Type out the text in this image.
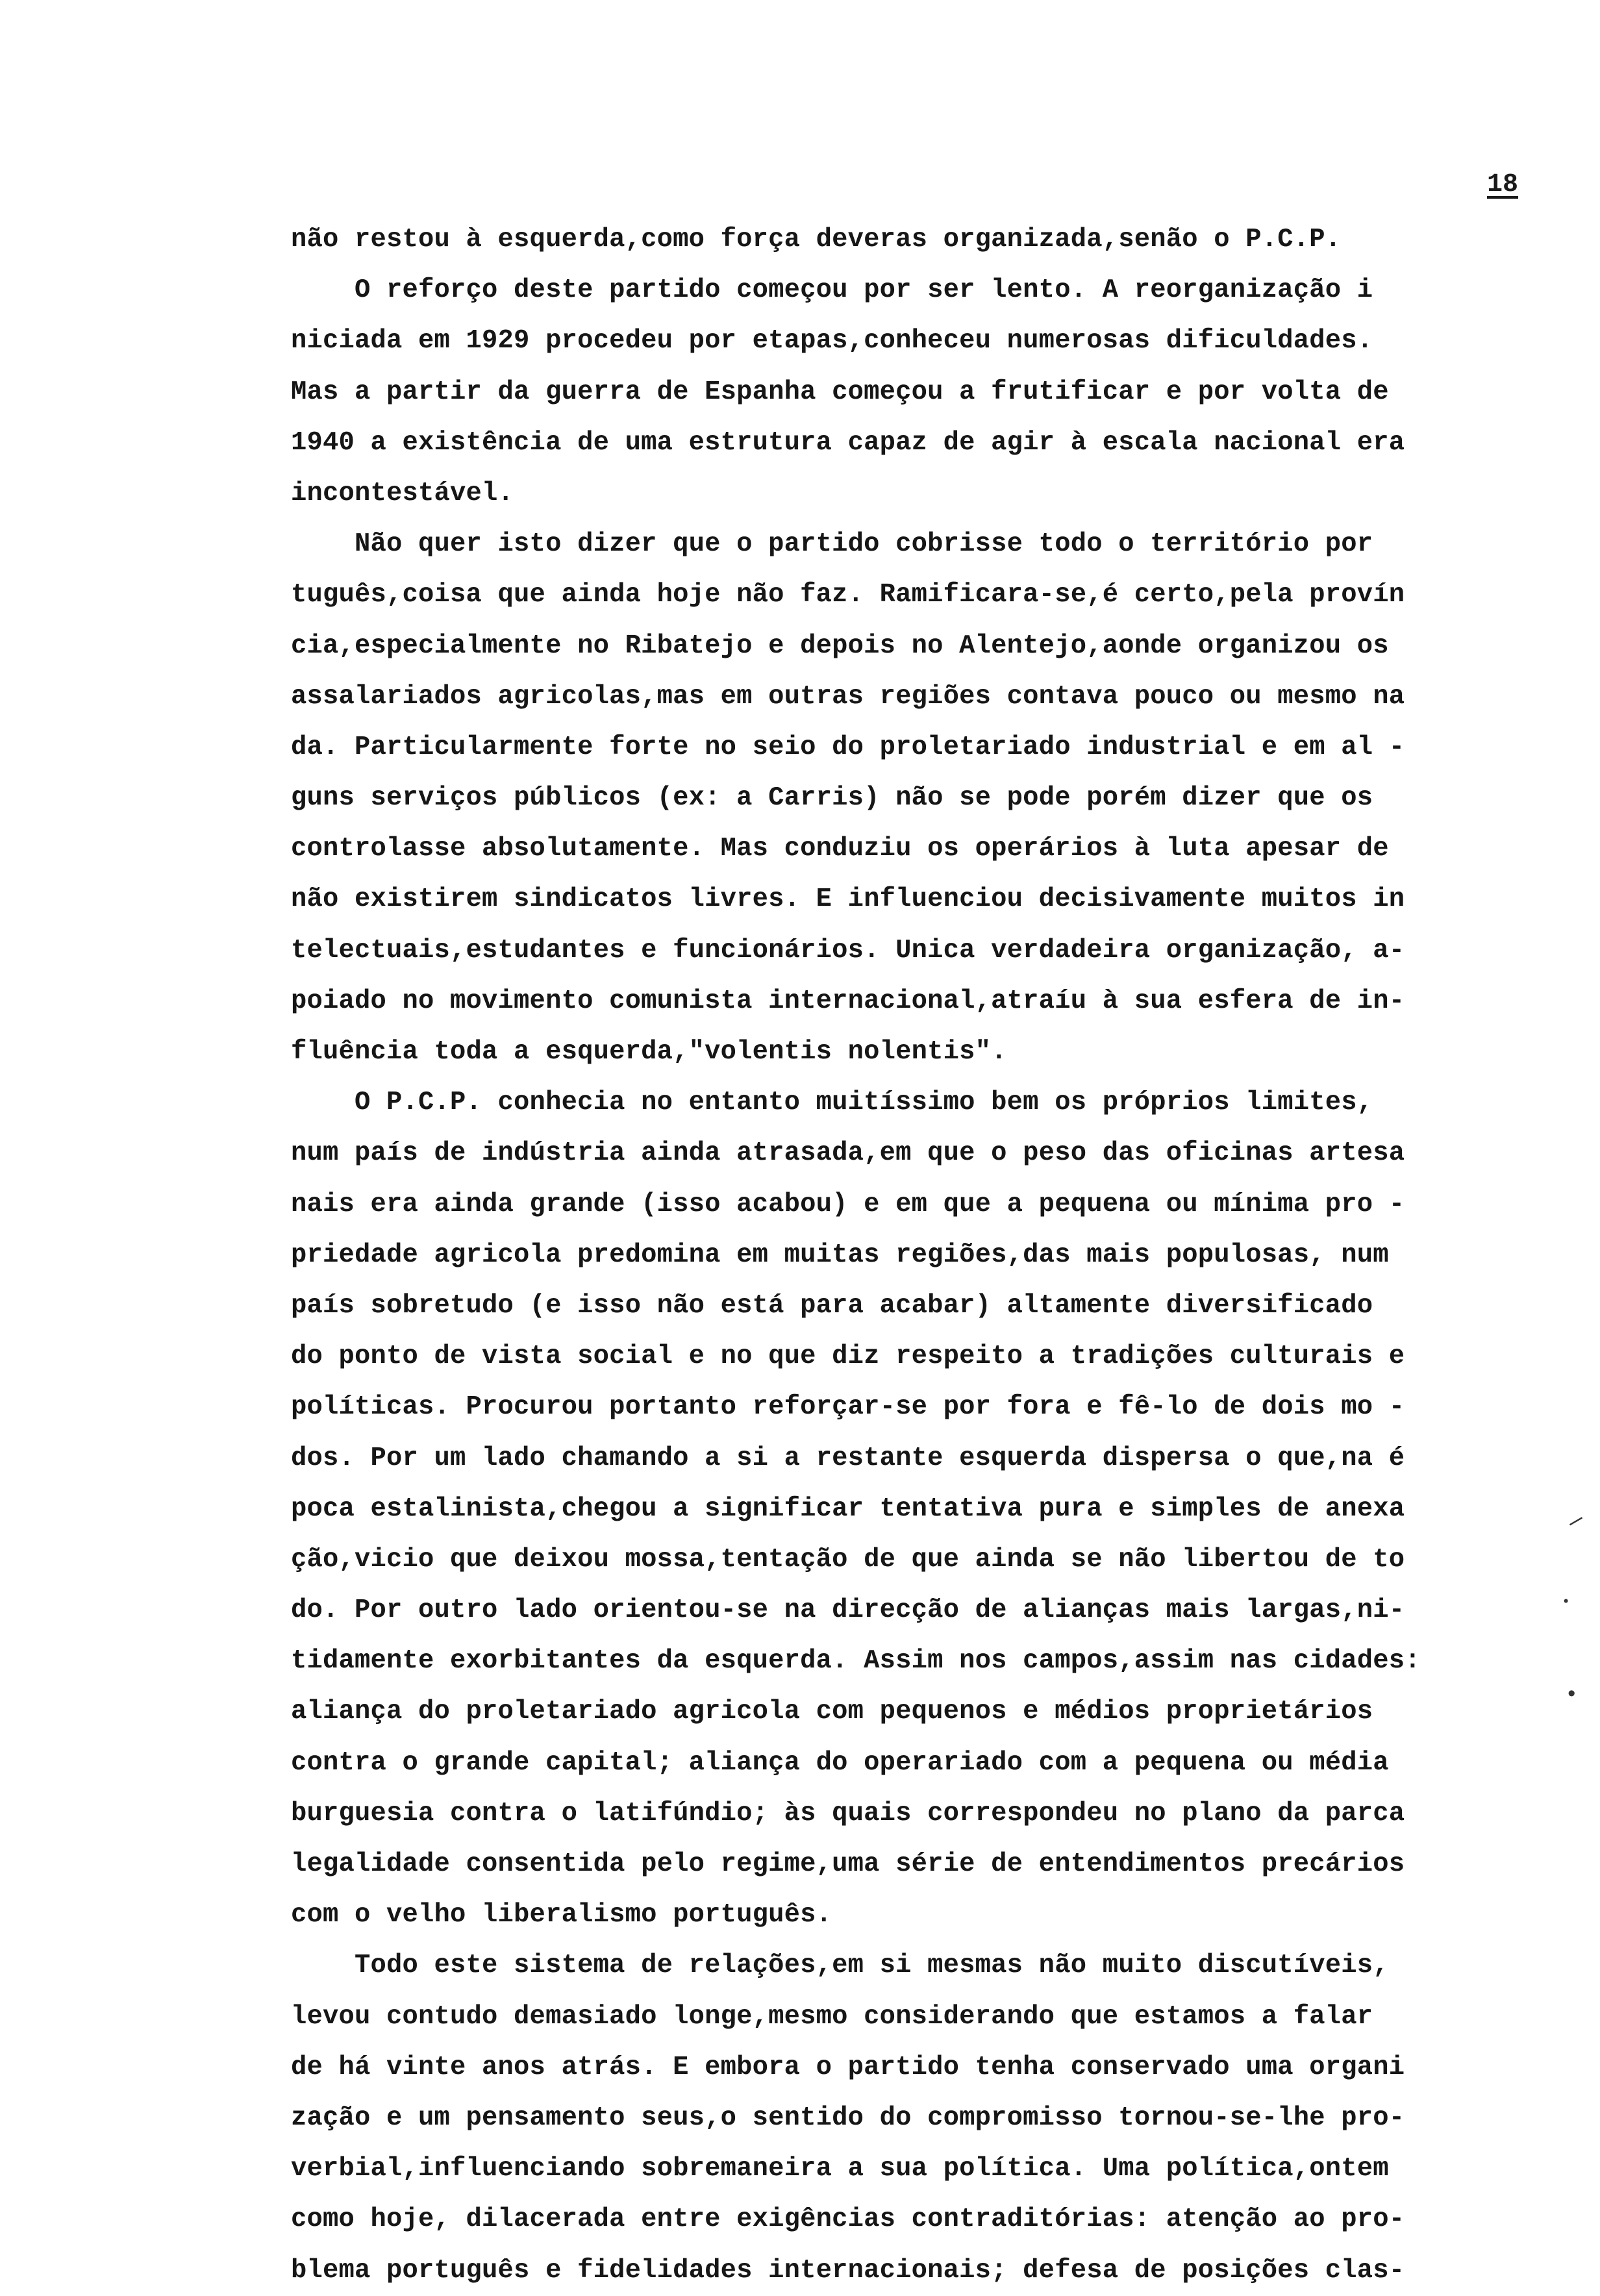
18
não restou à esquerda,como força deveras organizada,senão o P.C.P.
O reforço deste partido começou por ser lento. A reorganização i
niciada em 1929 procedeu por etapas,conheceu numerosas dificuldades.
Mas a partir da guerra de Espanha começou a frutificar e por volta de
1940 a existência de uma estrutura capaz de agir à escala nacional era
incontestável.
Não quer isto dizer que o partido cobrisse todo o território por
tuguês,coisa que ainda hoje não faz. Ramificara-se,é certo,pela provín
cia,especialmente no Ribatejo e depois no Alentejo,aonde organizou os
assalariados agricolas,mas em outras regiões contava pouco ou mesmo na
da. Particularmente forte no seio do proletariado industrial e em al -
guns serviços públicos (ex: a Carris) não se pode porém dizer que os
controlasse absolutamente. Mas conduziu os operários à luta apesar de
não existirem sindicatos livres. E influenciou decisivamente muitos in
telectuais,estudantes e funcionários. Unica verdadeira organização, a-
poiado no movimento comunista internacional,atraíu à sua esfera de in-
fluência toda a esquerda,"volentis nolentis".
O P.C.P. conhecia no entanto muitíssimo bem os próprios limites,
num país de indústria ainda atrasada,em que o peso das oficinas artesa
nais era ainda grande (isso acabou) e em que a pequena ou mínima pro -
priedade agricola predomina em muitas regiões,das mais populosas, num
país sobretudo (e isso não está para acabar) altamente diversificado
do ponto de vista social e no que diz respeito a tradições culturais e
políticas. Procurou portanto reforçar-se por fora e fê-lo de dois mo -
dos. Por um lado chamando a si a restante esquerda dispersa o que,na é
poca estalinista,chegou a significar tentativa pura e simples de anexa
ção,vicio que deixou mossa,tentação de que ainda se não libertou de to
do. Por outro lado orientou-se na direcção de alianças mais largas,ni-
tidamente exorbitantes da esquerda. Assim nos campos,assim nas cidades:
aliança do proletariado agricola com pequenos e médios proprietários
contra o grande capital; aliança do operariado com a pequena ou média
burguesia contra o latifúndio; às quais correspondeu no plano da parca
legalidade consentida pelo regime,uma série de entendimentos precários
com o velho liberalismo português.
Todo este sistema de relações,em si mesmas não muito discutíveis,
levou contudo demasiado longe,mesmo considerando que estamos a falar
de há vinte anos atrás. E embora o partido tenha conservado uma organi
zação e um pensamento seus,o sentido do compromisso tornou-se-lhe pro-
verbial,influenciando sobremaneira a sua política. Uma política,ontem
como hoje, dilacerada entre exigências contraditórias: atenção ao pro-
blema português e fidelidades internacionais; defesa de posições clas-
—
•
•
